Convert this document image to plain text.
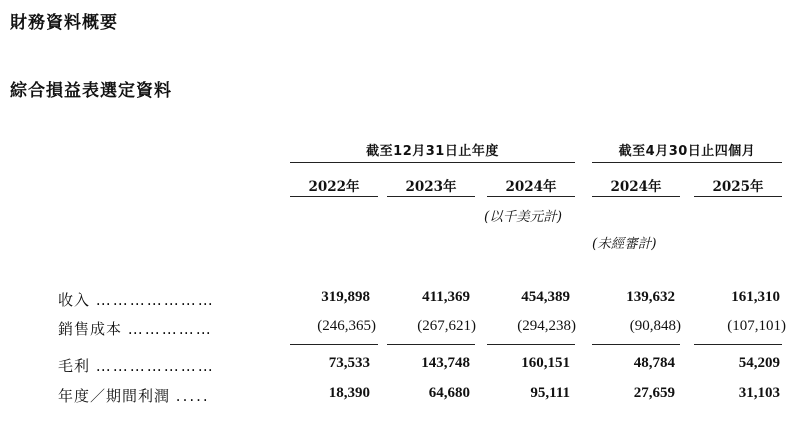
財務資料概要
綜合損益表選定資料
截至12月31日止年度	截至4月30日止四個月
2022年	2023年	2024年	2024年	2025年
(以千美元計)
(未經審計)
收入 …………………	319,898	411,369	454,389	139,632	161,310
銷售成本 ……………	(246,365)	(267,621)	(294,238)	(90,848)	(107,101)
毛利 …………………	73,533	143,748	160,151	48,784	54,209
年度／期間利潤 .....	18,390	64,680	95,111	27,659	31,103
